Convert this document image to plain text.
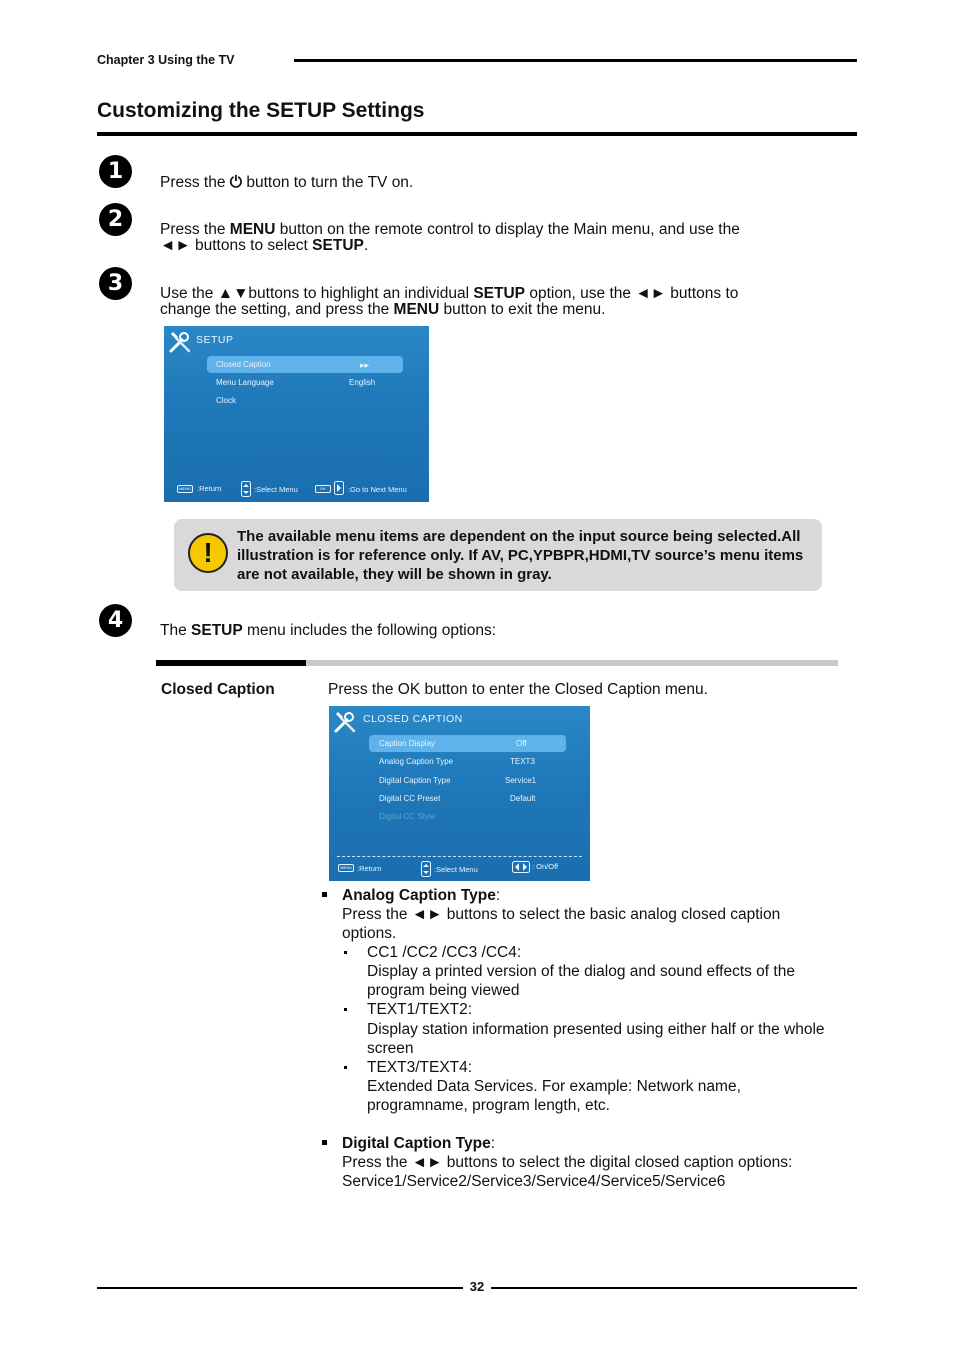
Chapter 3 Using the TV
Customizing the SETUP Settings
1	Press the ⏻ button to turn the TV on.
2	Press the MENU button on the remote control to display the Main menu, and use the
◄► buttons to select SETUP.
3	Use the ▲▼buttons to highlight an individual SETUP option, use the ◄► buttons to
change the setting, and press the MENU button to exit the menu.
SETUP
Closed Caption	▸▸
Menu Language	English
Clock
MENU :Return	:Select Menu	OK	:Go to Next Menu
!
The available menu items are dependent on the input source being selected.All illustration is for reference only. If AV, PC,YPBPR,HDMI,TV source’s menu items are not available, they will be shown in gray.
4	The SETUP menu includes the following options:
Closed Caption	Press the OK button to enter the Closed Caption menu.
CLOSED CAPTION
Caption Display	Off
Analog Caption Type	TEXT3
Digital Caption Type	Service1
Digital CC Preset	Default
Digital CC Style
MENU :Return	:Select Menu	: On/Off
Analog Caption Type:
Press the ◄► buttons to select the basic analog closed caption
options.
CC1 /CC2 /CC3 /CC4:
Display a printed version of the dialog and sound effects of the
program being viewed
TEXT1/TEXT2:
Display station information presented using either half or the whole
screen
TEXT3/TEXT4:
Extended Data Services. For example: Network name,
programname, program length, etc.
Digital Caption Type:
Press the ◄► buttons to select the digital closed caption options:
Service1/Service2/Service3/Service4/Service5/Service6
32
